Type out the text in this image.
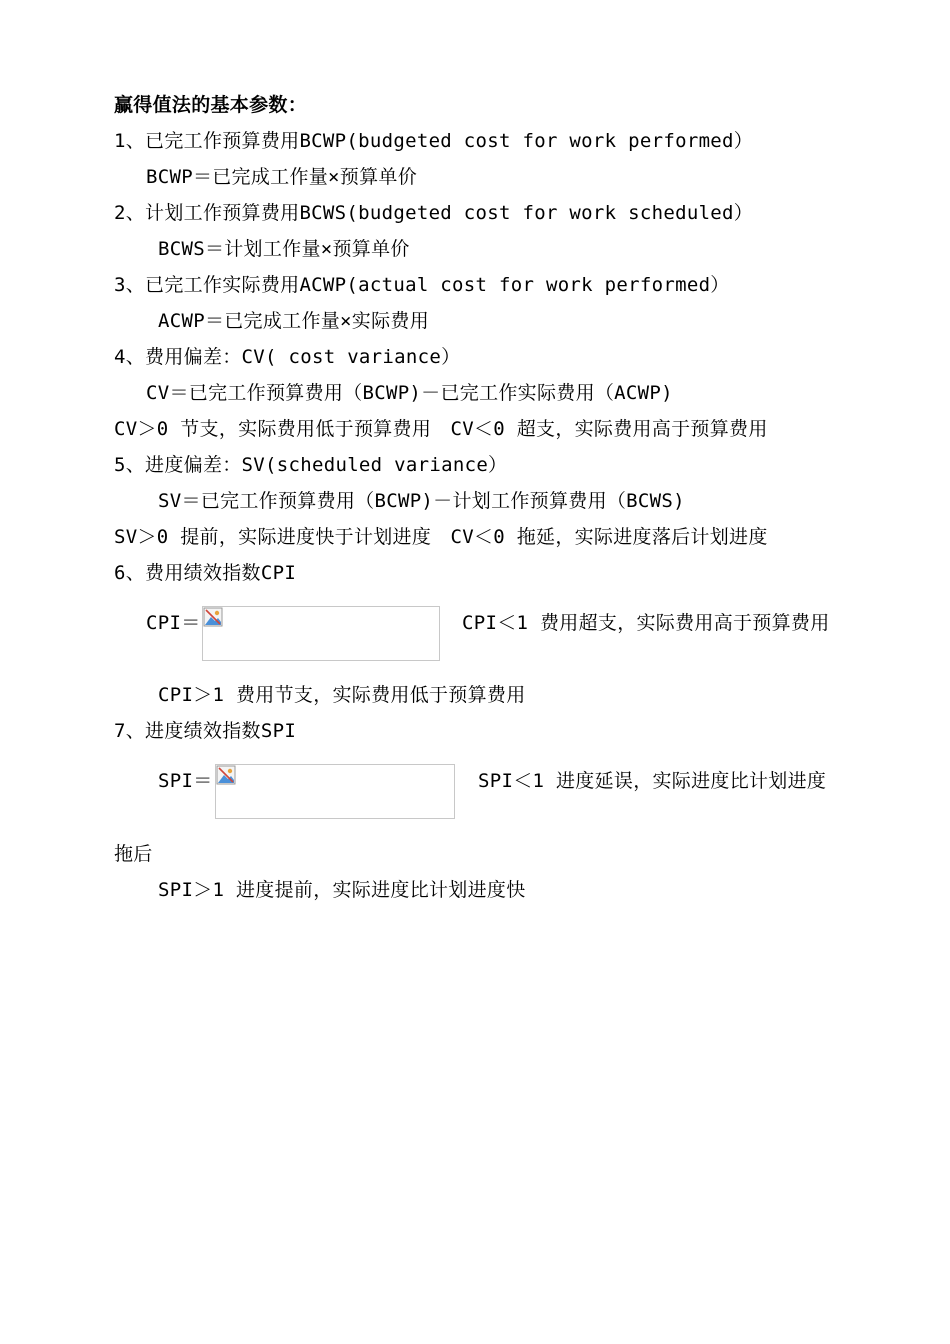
赢得值法的基本参数：
1、已完工作预算费用BCWP(budgeted cost for work performed）
BCWP＝已完成工作量×预算单价
2、计划工作预算费用BCWS(budgeted cost for work scheduled）
BCWS＝计划工作量×预算单价
3、已完工作实际费用ACWP(actual cost for work performed）
ACWP＝已完成工作量×实际费用
4、费用偏差：CV( cost variance）
CV＝已完工作预算费用（BCWP)－已完工作实际费用（ACWP)
CV＞0 节支，实际费用低于预算费用　CV＜0 超支，实际费用高于预算费用
5、进度偏差：SV(scheduled variance）
SV＝已完工作预算费用（BCWP)－计划工作预算费用（BCWS)
SV＞0 提前，实际进度快于计划进度　CV＜0 拖延，实际进度落后计划进度
6、费用绩效指数CPI
CPI＝	CPI＜1 费用超支，实际费用高于预算费用
CPI＞1 费用节支，实际费用低于预算费用
7、进度绩效指数SPI
SPI＝	SPI＜1 进度延误，实际进度比计划进度
拖后
SPI＞1 进度提前，实际进度比计划进度快
